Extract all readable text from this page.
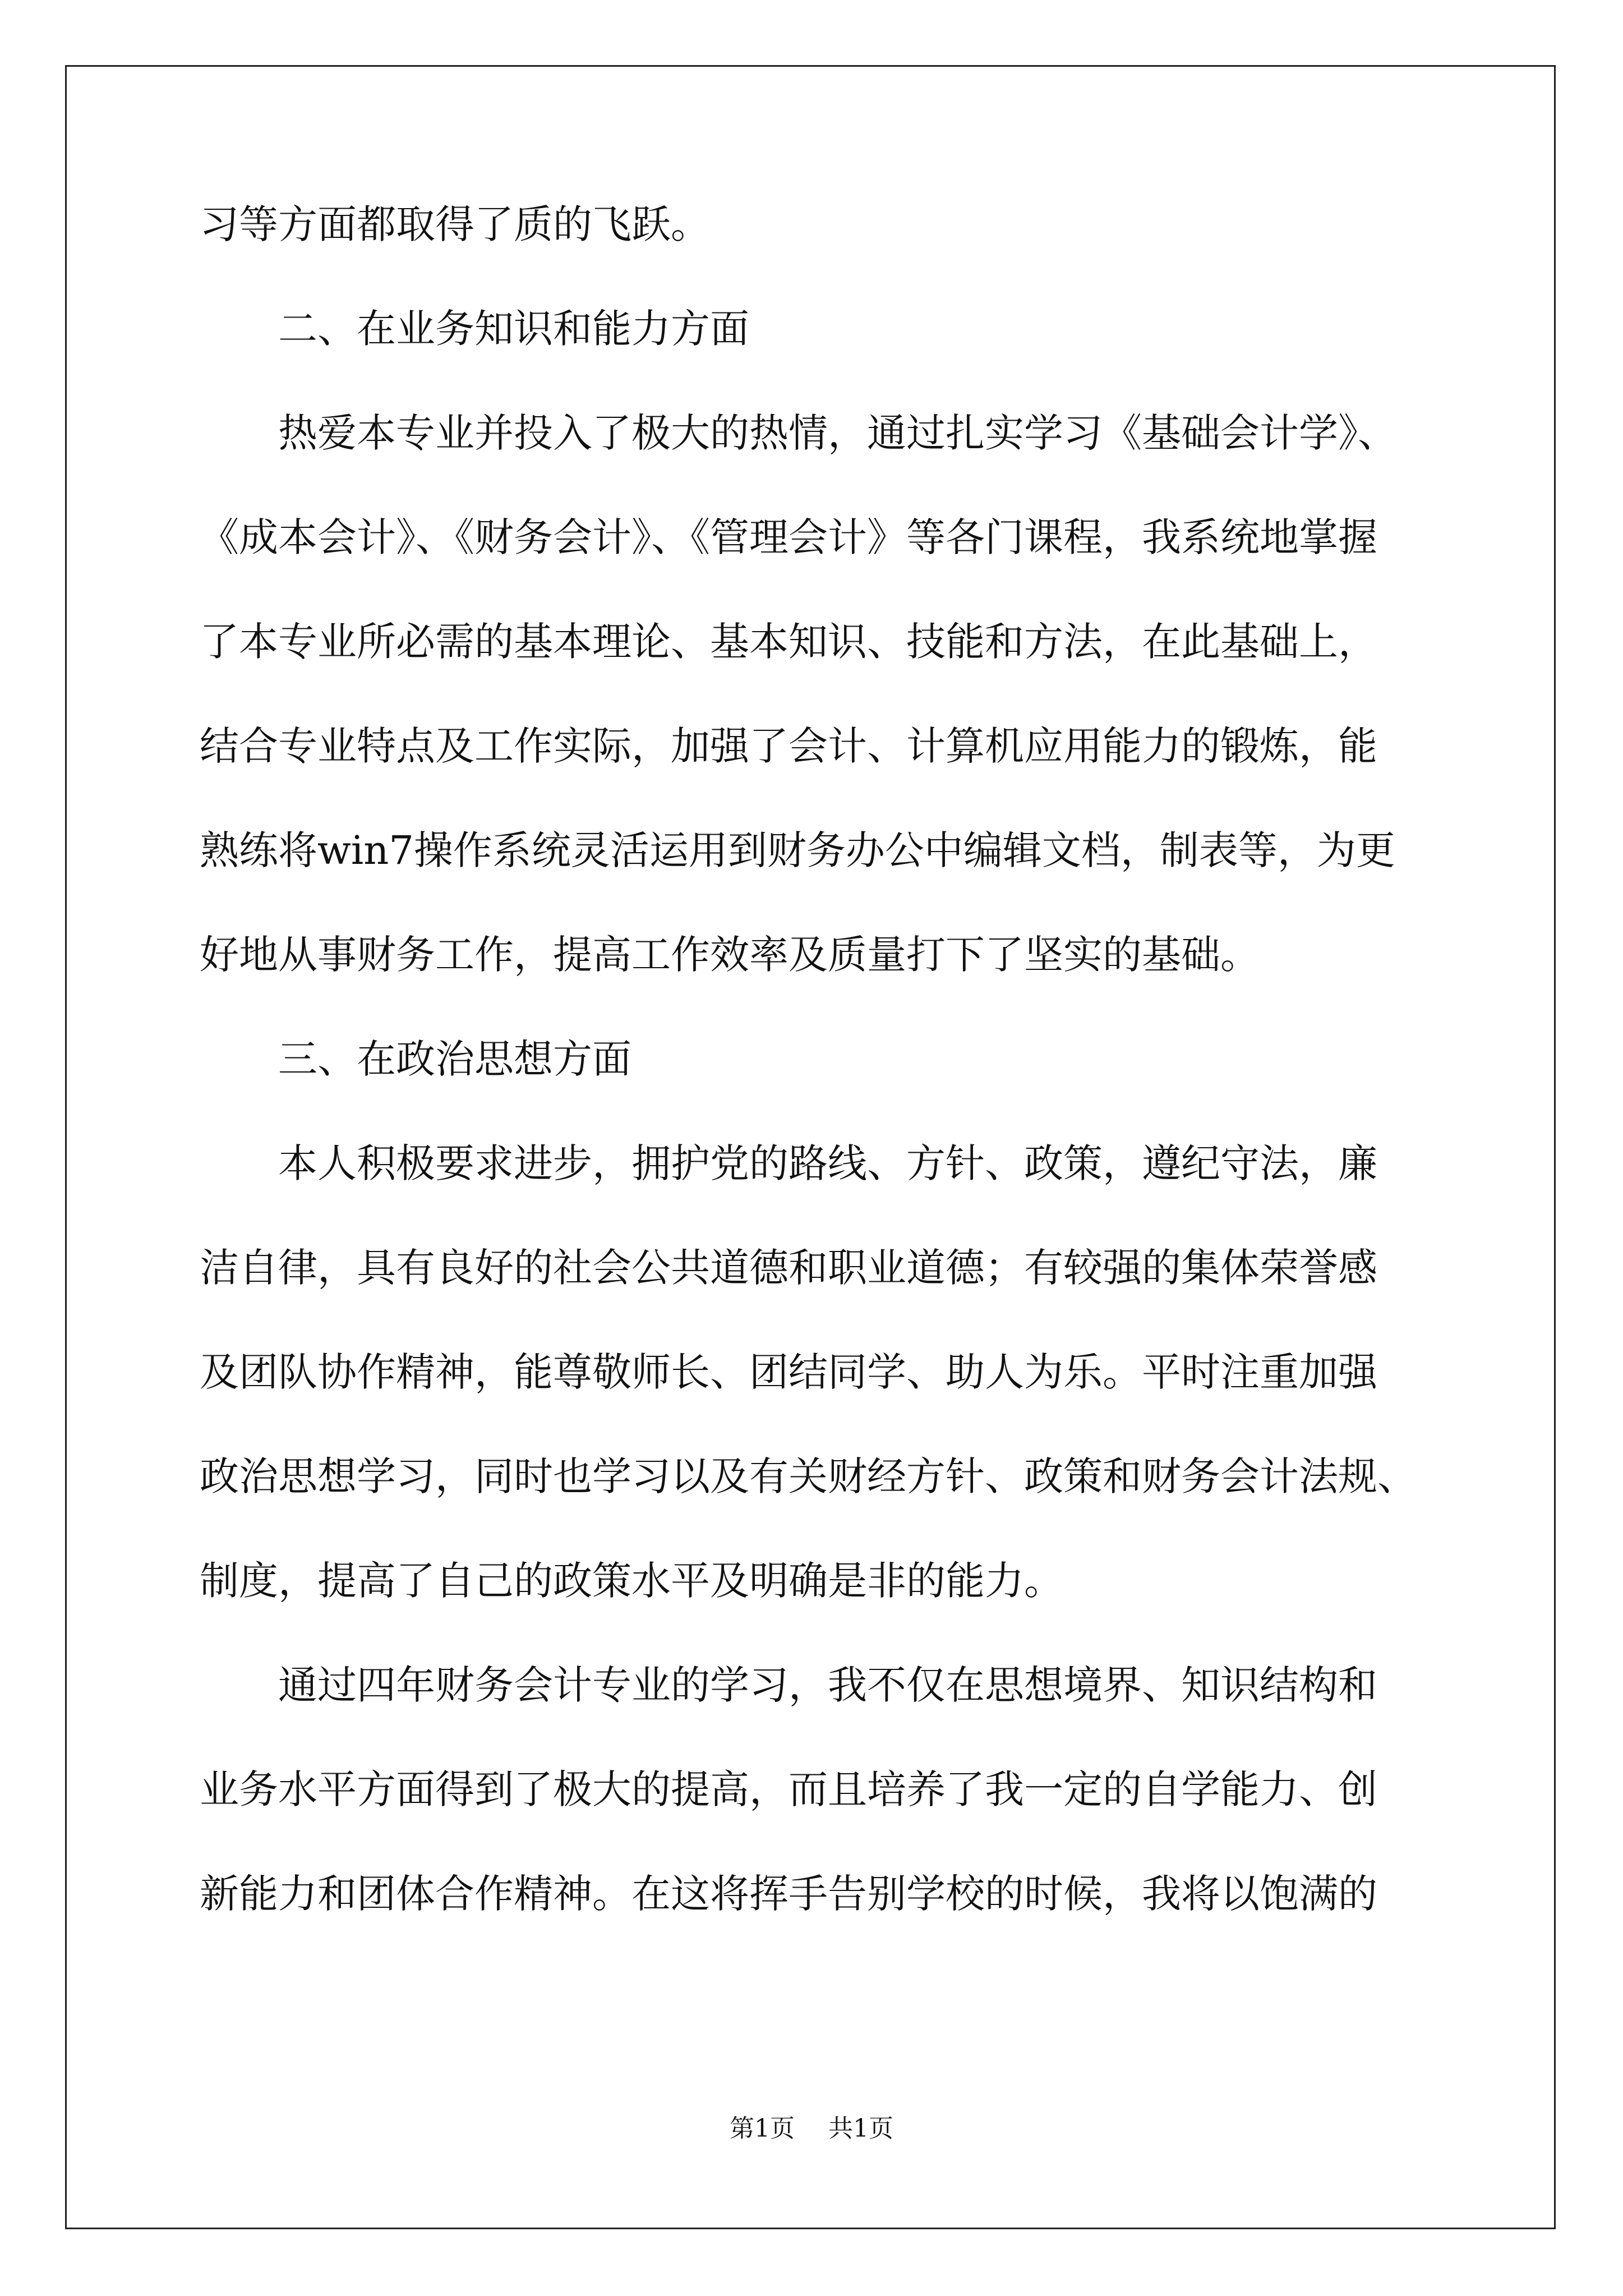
习等方面都取得了质的飞跃。
　　二、在业务知识和能力方面
　　热爱本专业并投入了极大的热情，通过扎实学习《基础会计学》、
《成本会计》、《财务会计》、《管理会计》等各门课程，我系统地掌握
了本专业所必需的基本理论、基本知识、技能和方法，在此基础上，
结合专业特点及工作实际，加强了会计、计算机应用能力的锻炼，能
熟练将win7操作系统灵活运用到财务办公中编辑文档，制表等，为更
好地从事财务工作，提高工作效率及质量打下了坚实的基础。
　　三、在政治思想方面
　　本人积极要求进步，拥护党的路线、方针、政策，遵纪守法，廉
洁自律，具有良好的社会公共道德和职业道德；有较强的集体荣誉感
及团队协作精神，能尊敬师长、团结同学、助人为乐。平时注重加强
政治思想学习，同时也学习以及有关财经方针、政策和财务会计法规、
制度，提高了自己的政策水平及明确是非的能力。
　　通过四年财务会计专业的学习，我不仅在思想境界、知识结构和
业务水平方面得到了极大的提高，而且培养了我一定的自学能力、创
新能力和团体合作精神。在这将挥手告别学校的时候，我将以饱满的
第1页 共1页
